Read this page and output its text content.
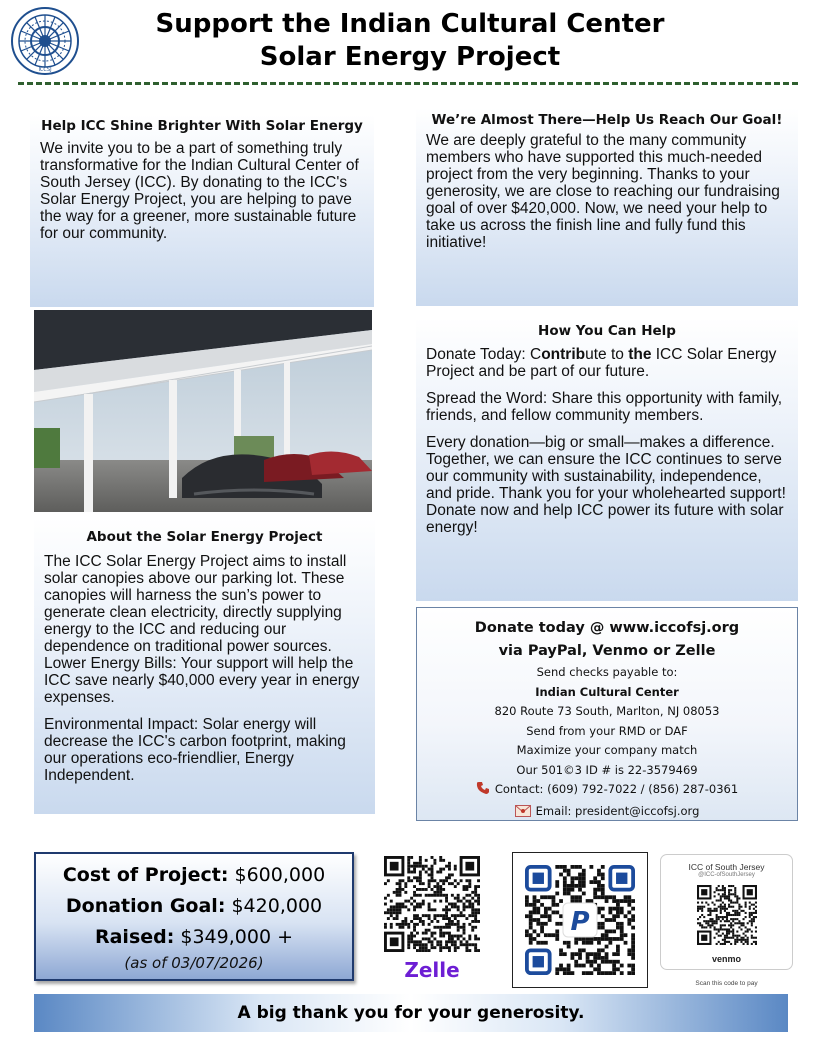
ICCSJ
Support the Indian Cultural Center
Solar Energy Project
Help ICC Shine Brighter With Solar Energy

We invite you to be a part of something truly transformative for the Indian Cultural Center of South Jersey (ICC). By donating to the ICC's Solar Energy Project, you are helping to pave the way for a greener, more sustainable future for our community.

We’re Almost There—Help Us Reach Our Goal!

We are deeply grateful to the many community members who have supported this much-needed project from the very beginning. Thanks to your generosity, we are close to reaching our fundraising goal of over $420,000. Now, we need your help to take us across the finish line and fully fund this initiative!

How You Can Help

Donate Today: Contribute to the ICC Solar Energy Project and be part of our future.

Spread the Word: Share this opportunity with family, friends, and fellow community members.

Every donation—big or small—makes a difference. Together, we can ensure the ICC continues to serve our community with sustainability, independence, and pride. Thank you for your wholehearted support! Donate now and help ICC power its future with solar energy!

About the Solar Energy Project

The ICC Solar Energy Project aims to install solar canopies above our parking lot. These canopies will harness the sun’s power to generate clean electricity, directly supplying energy to the ICC and reducing our dependence on traditional power sources. Lower Energy Bills: Your support will help the ICC save nearly $40,000 every year in energy expenses.

Environmental Impact: Solar energy will decrease the ICC's carbon footprint, making our operations eco-friendlier, Energy Independent.

Donate today @ www.iccofsj.org
via PayPal, Venmo or Zelle
Send checks payable to:
Indian Cultural Center
820 Route 73 South, Marlton, NJ 08053
Send from your RMD or DAF
Maximize your company match
Our 501©3 ID # is 22-3579469
Contact: (609) 792-7022 / (856) 287-0361
Email: president@iccofsj.org
Cost of Project: $600,000
Donation Goal: $420,000
Raised: $349,000 +
(as of 03/07/2026)	Zelle
P
ICC of South Jersey
@ICC-ofSouthJersey
venmo
Scan this code to pay
A big thank you for your generosity.
